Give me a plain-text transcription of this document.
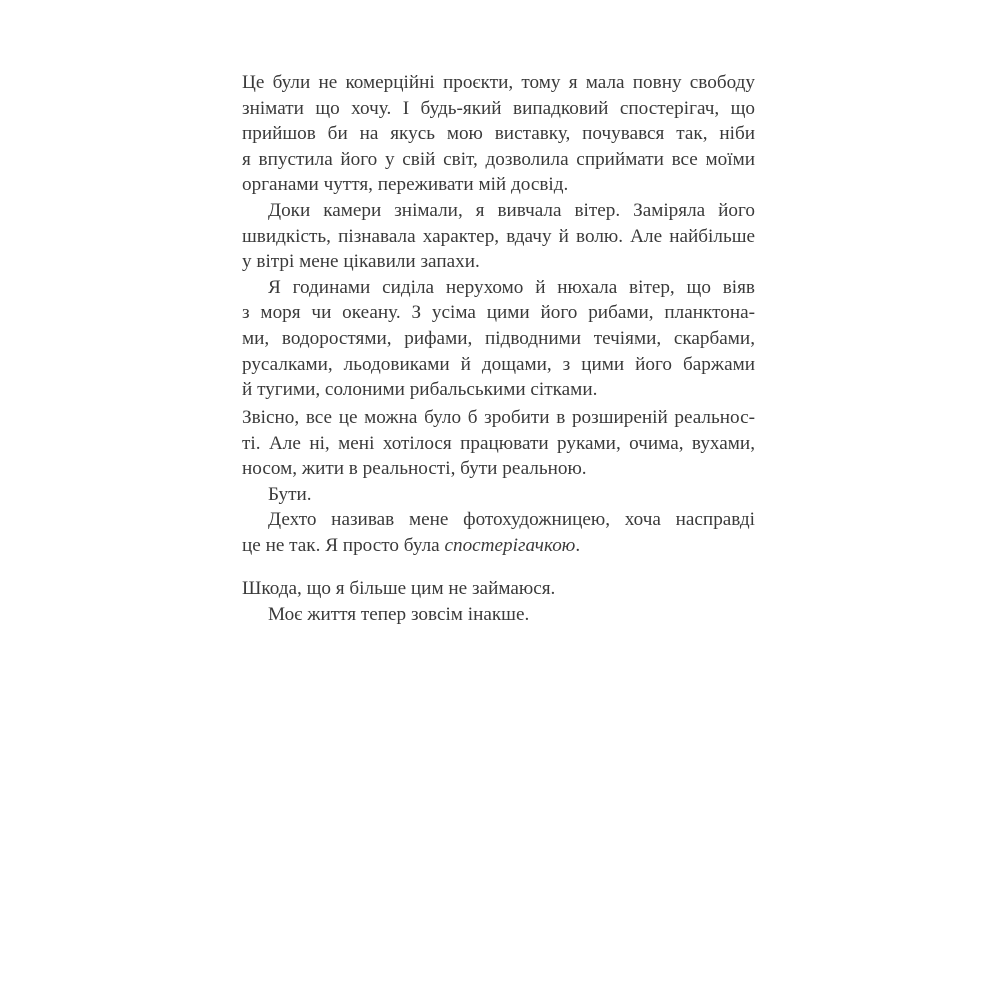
Це були не комерційні проєкти, тому я мала повну свободу
знімати що хочу. І будь-який випадковий спостерігач, що
прийшов би на якусь мою виставку, почувався так, ніби
я впустила його у свій світ, дозволила сприймати все моїми
органами чуття, переживати мій досвід.
Доки камери знімали, я вивчала вітер. Заміряла його
швидкість, пізнавала характер, вдачу й волю. Але найбільше
у вітрі мене цікавили запахи.
Я годинами сиділа нерухомо й нюхала вітер, що віяв
з моря чи океану. З усіма цими його рибами, планктона-
ми, водоростями, рифами, підводними течіями, скарбами,
русалками, льодовиками й дощами, з цими його баржами
й тугими, солоними рибальськими сітками.
Звісно, все це можна було б зробити в розширеній реальнос-
ті. Але ні, мені хотілося працювати руками, очима, вухами,
носом, жити в реальності, бути реальною.
Бути.
Дехто називав мене фотохудожницею, хоча насправді
це не так. Я просто була спостерігачкою.
Шкода, що я більше цим не займаюся.
Моє життя тепер зовсім інакше.
